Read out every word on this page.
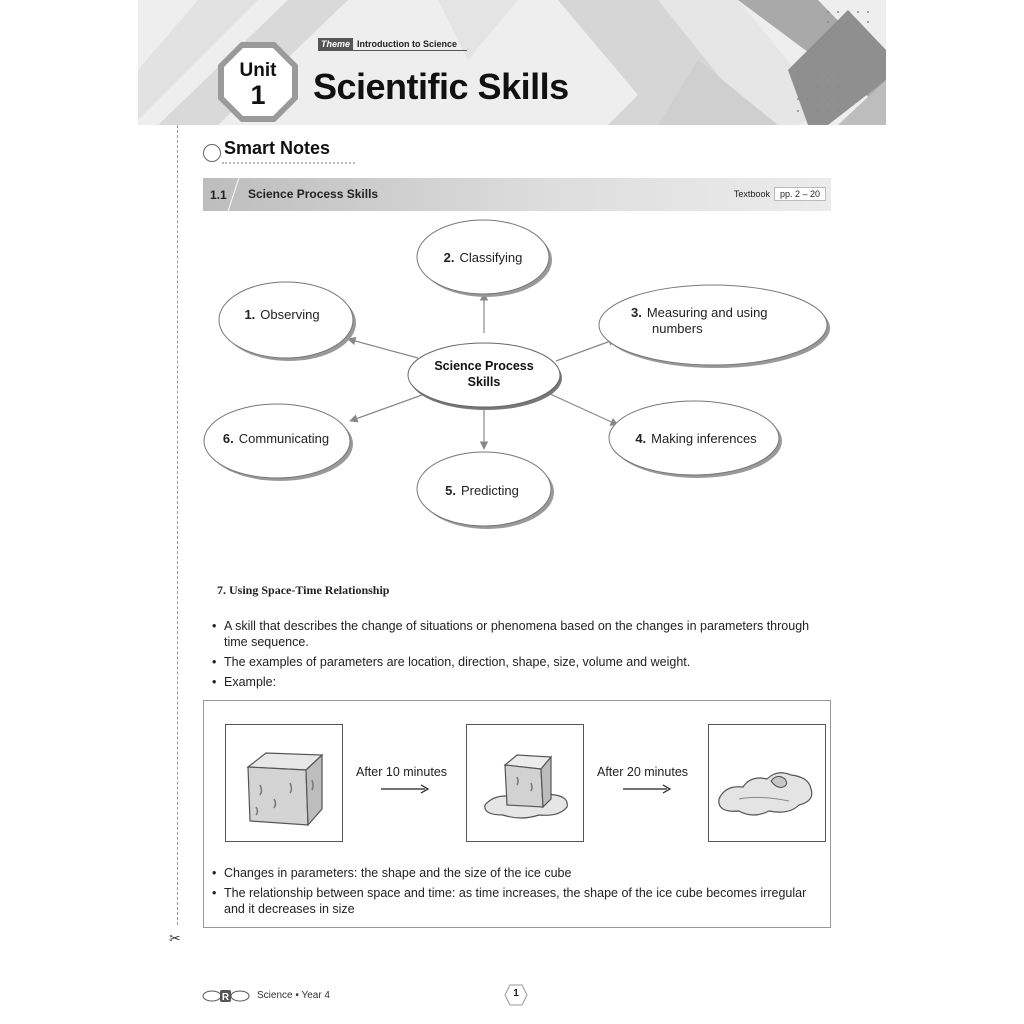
Theme Introduction to Science
Unit
1	Scientific Skills
✂
Smart Notes
1.1 Science Process Skills	Textbook	pp. 2 – 20
Science Process
Skills
2. Classifying
1. Observing	3. Measuring and using
numbers
6. Communicating	4. Making inferences
5. Predicting
7. Using Space-Time Relationship
• A skill that describes the change of situations or phenomena based on the changes in parameters through time sequence.
• The examples of parameters are location, direction, shape, size, volume and weight.
• Example:
After 10 minutes	After 20 minutes
• Changes in parameters: the shape and the size of the ice cube
• The relationship between space and time: as time increases, the shape of the ice cube becomes irregular and it decreases in size
R	Science • Year 4	1
